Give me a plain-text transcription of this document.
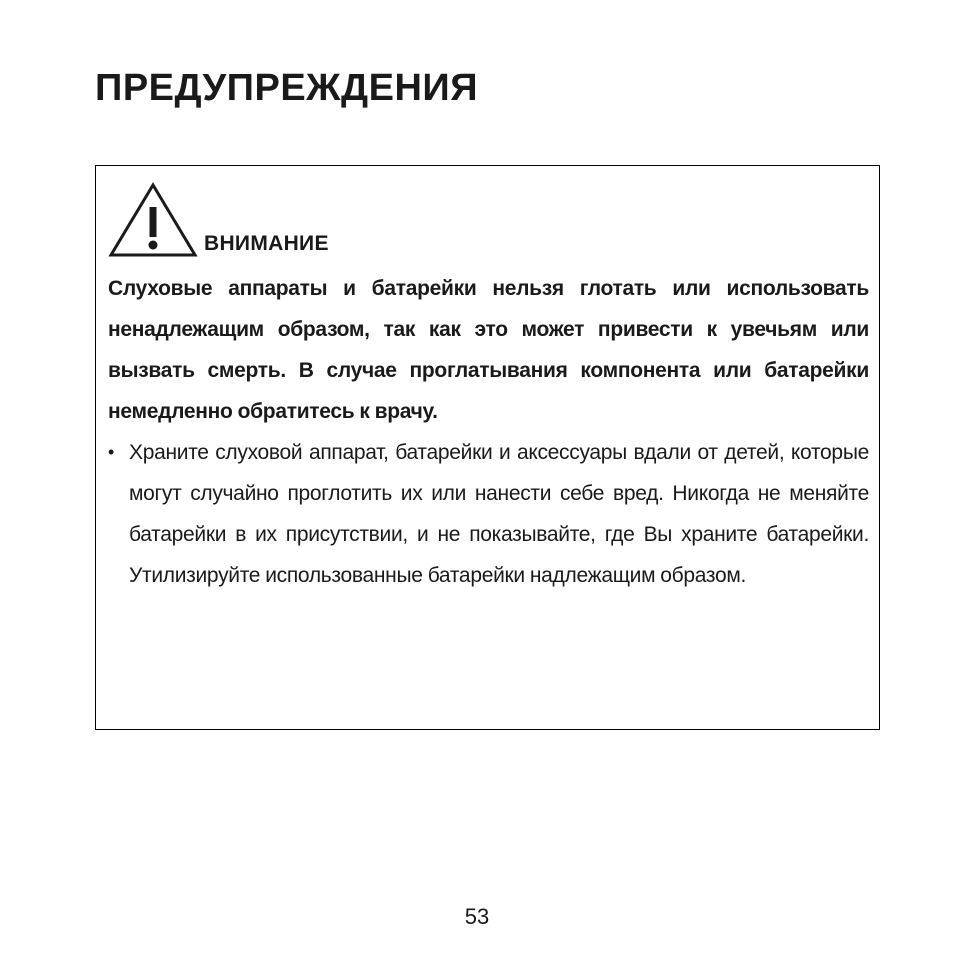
ПРЕДУПРЕЖДЕНИЯ
ВНИМАНИЕ

Слуховые аппараты и батарейки нельзя глотать или использовать ненадлежащим образом, так как это может привести к увечьям или вызвать смерть. В случае проглатывания компонента или батарейки немедленно обратитесь к врачу.

• Храните слуховой аппарат, батарейки и аксессуары вдали от детей, которые могут случайно проглотить их или нанести себе вред. Никогда не меняйте батарейки в их присутствии, и не показывайте, где Вы храните батарейки. Утилизируйте использованные батарейки надлежащим образом.
53
